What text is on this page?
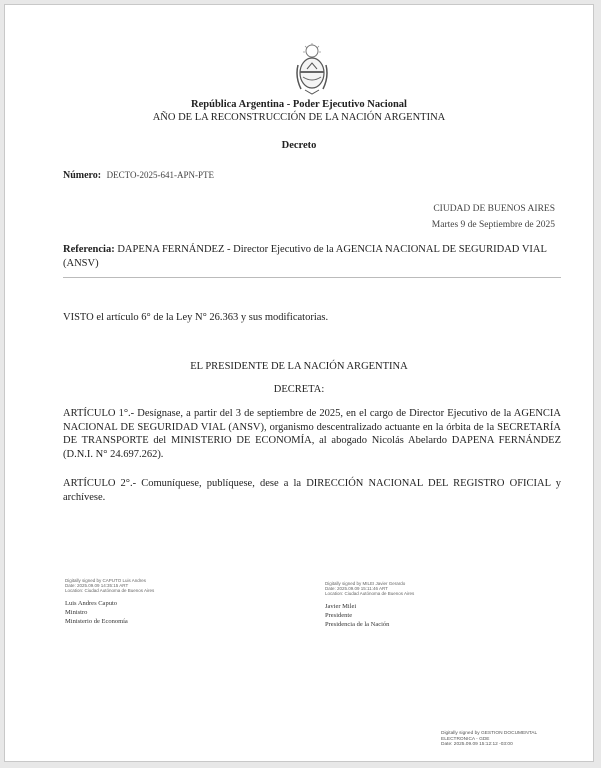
República Argentina - Poder Ejecutivo Nacional
AÑO DE LA RECONSTRUCCIÓN DE LA NACIÓN ARGENTINA
Decreto
Número: DECTO-2025-641-APN-PTE
CIUDAD DE BUENOS AIRES
Martes 9 de Septiembre de 2025
Referencia: DAPENA FERNÁNDEZ - Director Ejecutivo de la AGENCIA NACIONAL DE SEGURIDAD VIAL (ANSV)
VISTO el artículo 6° de la Ley N° 26.363 y sus modificatorias.
EL PRESIDENTE DE LA NACIÓN ARGENTINA
DECRETA:
ARTÍCULO 1°.- Desígnase, a partir del 3 de septiembre de 2025, en el cargo de Director Ejecutivo de la AGENCIA NACIONAL DE SEGURIDAD VIAL (ANSV), organismo descentralizado actuante en la órbita de la SECRETARÍA DE TRANSPORTE del MINISTERIO DE ECONOMÍA, al abogado Nicolás Abelardo DAPENA FERNÁNDEZ (D.N.I. N° 24.697.262).
ARTÍCULO 2°.- Comuníquese, publíquese, dese a la DIRECCIÓN NACIONAL DEL REGISTRO OFICIAL y archívese.
Digitally signed by CAPUTO Luis Andres
Date: 2025.09.09 14:35:15 ART
Location: Ciudad Autónoma de Buenos Aires
Luis Andres Caputo
Ministro
Ministerio de Economía
Digitally signed by MILEI Javier Gerardo
Date: 2025.09.09 15:11:46 ART
Location: Ciudad Autónoma de Buenos Aires
Javier Milei
Presidente
Presidencia de la Nación
Digitally signed by GESTION DOCUMENTAL
ELECTRONICA - GDE
Date: 2025.09.09 15:12:12 -03:00
